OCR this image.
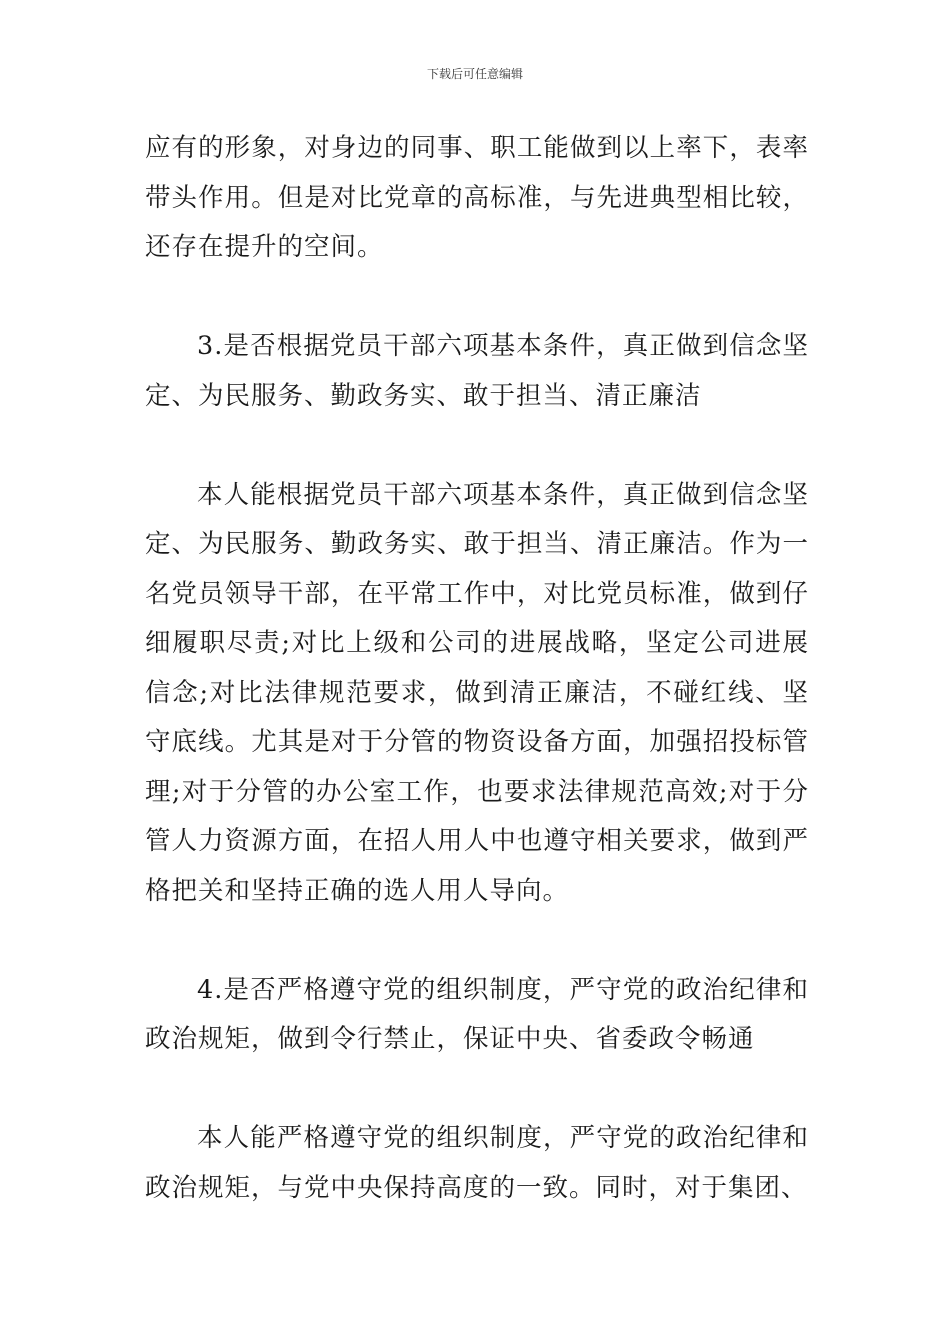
下载后可任意编辑

应有的形象，对身边的同事、职工能做到以上率下，表率带头作用。但是对比党章的高标准，与先进典型相比较，还存在提升的空间。

3.是否根据党员干部六项基本条件，真正做到信念坚定、为民服务、勤政务实、敢于担当、清正廉洁

本人能根据党员干部六项基本条件，真正做到信念坚定、为民服务、勤政务实、敢于担当、清正廉洁。作为一名党员领导干部，在平常工作中，对比党员标准，做到仔细履职尽责;对比上级和公司的进展战略，坚定公司进展信念;对比法律规范要求，做到清正廉洁，不碰红线、坚守底线。尤其是对于分管的物资设备方面，加强招投标管理;对于分管的办公室工作，也要求法律规范高效;对于分管人力资源方面，在招人用人中也遵守相关要求，做到严格把关和坚持正确的选人用人导向。

4.是否严格遵守党的组织制度，严守党的政治纪律和政治规矩，做到令行禁止，保证中央、省委政令畅通

本人能严格遵守党的组织制度，严守党的政治纪律和政治规矩，与党中央保持高度的一致。同时，对于集团、
